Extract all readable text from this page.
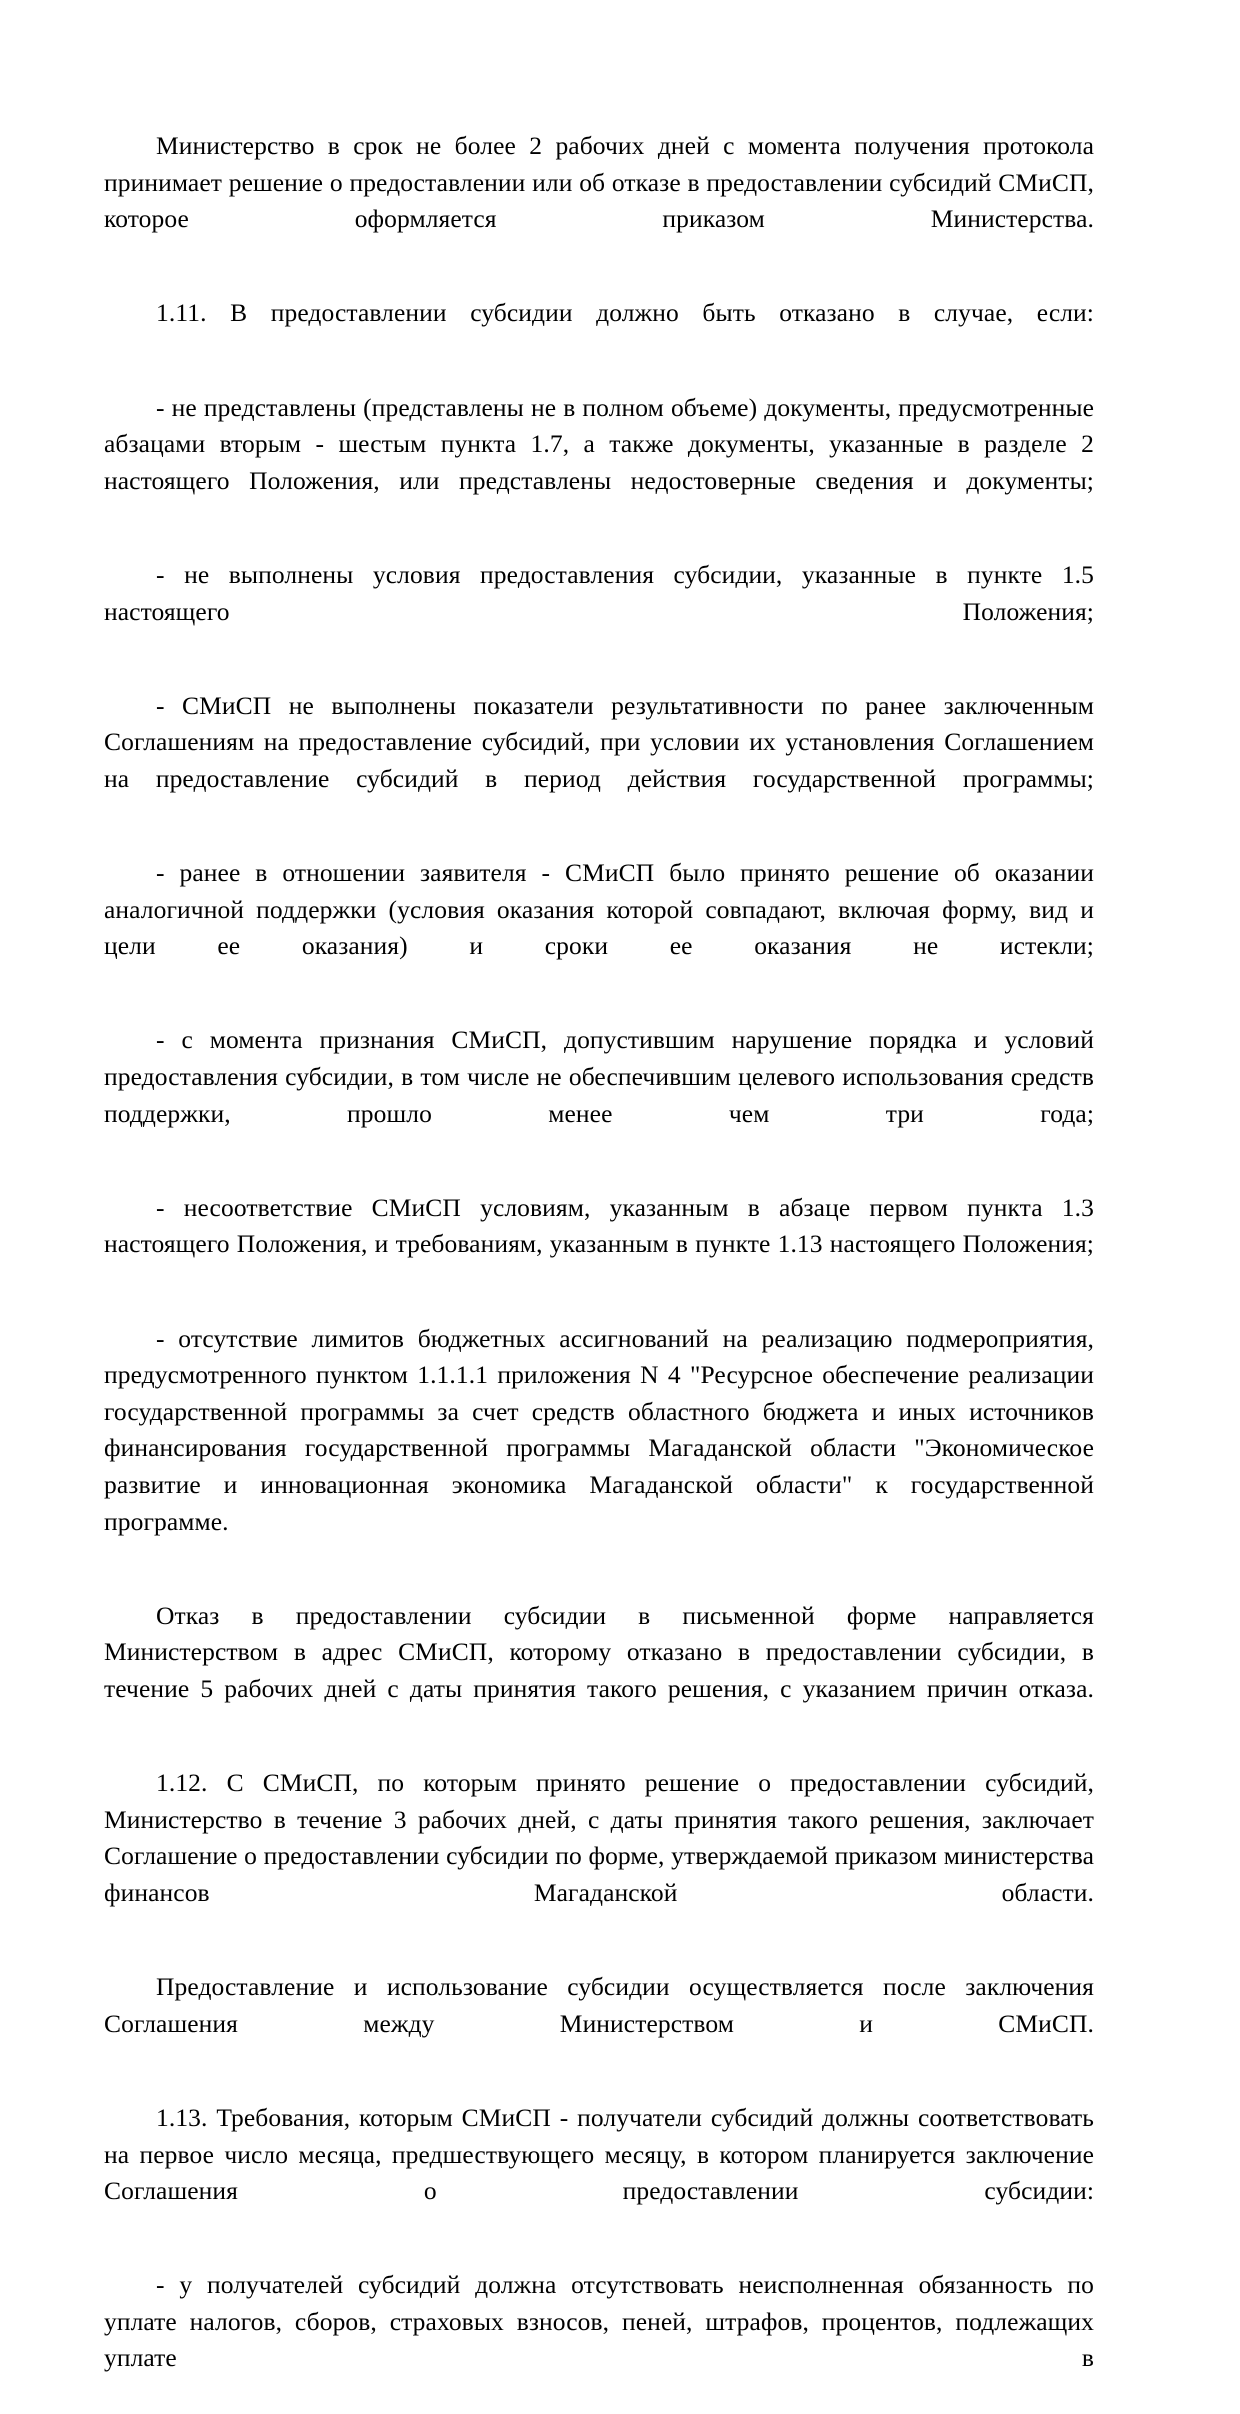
Министерство в срок не более 2 рабочих дней с момента получения протокола принимает решение о предоставлении или об отказе в предоставлении субсидий СМиСП, которое оформляется приказом Министерства.

1.11. В предоставлении субсидии должно быть отказано в случае, если:

- не представлены (представлены не в полном объеме) документы, предусмотренные абзацами вторым - шестым пункта 1.7, а также документы, указанные в разделе 2 настоящего Положения, или представлены недостоверные сведения и документы;

- не выполнены условия предоставления субсидии, указанные в пункте 1.5 настоящего Положения;

- СМиСП не выполнены показатели результативности по ранее заключенным Соглашениям на предоставление субсидий, при условии их установления Соглашением на предоставление субсидий в период действия государственной программы;

- ранее в отношении заявителя - СМиСП было принято решение об оказании аналогичной поддержки (условия оказания которой совпадают, включая форму, вид и цели ее оказания) и сроки ее оказания не истекли;

- с момента признания СМиСП, допустившим нарушение порядка и условий предоставления субсидии, в том числе не обеспечившим целевого использования средств поддержки, прошло менее чем три года;

- несоответствие СМиСП условиям, указанным в абзаце первом пункта 1.3 настоящего Положения, и требованиям, указанным в пункте 1.13 настоящего Положения;

- отсутствие лимитов бюджетных ассигнований на реализацию подмероприятия, предусмотренного пунктом 1.1.1.1 приложения N 4 "Ресурсное обеспечение реализации государственной программы за счет средств областного бюджета и иных источников финансирования государственной программы Магаданской области "Экономическое развитие и инновационная экономика Магаданской области" к государственной программе.

Отказ в предоставлении субсидии в письменной форме направляется Министерством в адрес СМиСП, которому отказано в предоставлении субсидии, в течение 5 рабочих дней с даты принятия такого решения, с указанием причин отказа.

1.12. С СМиСП, по которым принято решение о предоставлении субсидий, Министерство в течение 3 рабочих дней, с даты принятия такого решения, заключает Соглашение о предоставлении субсидии по форме, утверждаемой приказом министерства финансов Магаданской области.

Предоставление и использование субсидии осуществляется после заключения Соглашения между Министерством и СМиСП.

1.13. Требования, которым СМиСП - получатели субсидий должны соответствовать на первое число месяца, предшествующего месяцу, в котором планируется заключение Соглашения о предоставлении субсидии:

- у получателей субсидий должна отсутствовать неисполненная обязанность по уплате налогов, сборов, страховых взносов, пеней, штрафов, процентов, подлежащих уплате в
